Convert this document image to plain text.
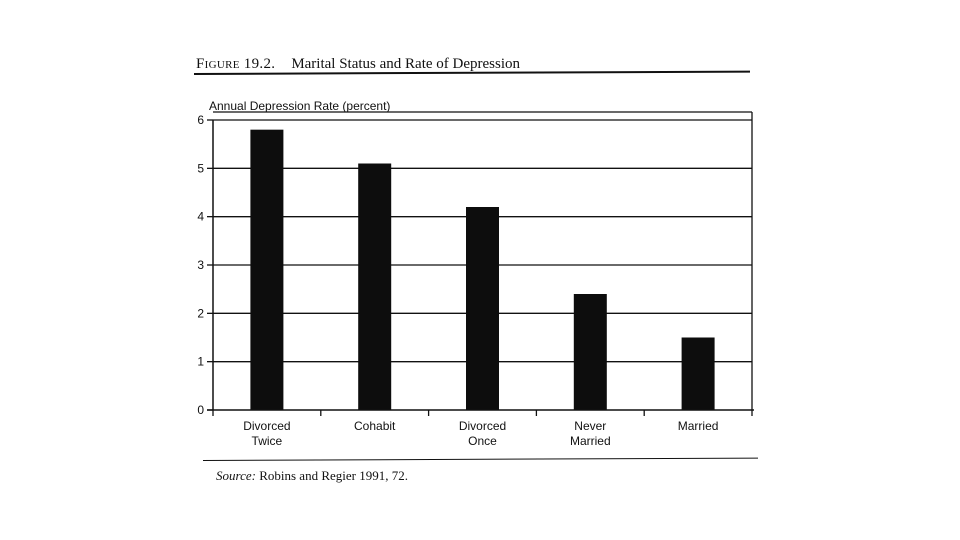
Figure 19.2. Marital Status and Rate of Depression
Annual Depression Rate (percent)
0
1
2
3
4
5
6
Divorced Twice
Cohabit	Divorced Once
Never Married
Married
Source: Robins and Regier 1991, 72.
